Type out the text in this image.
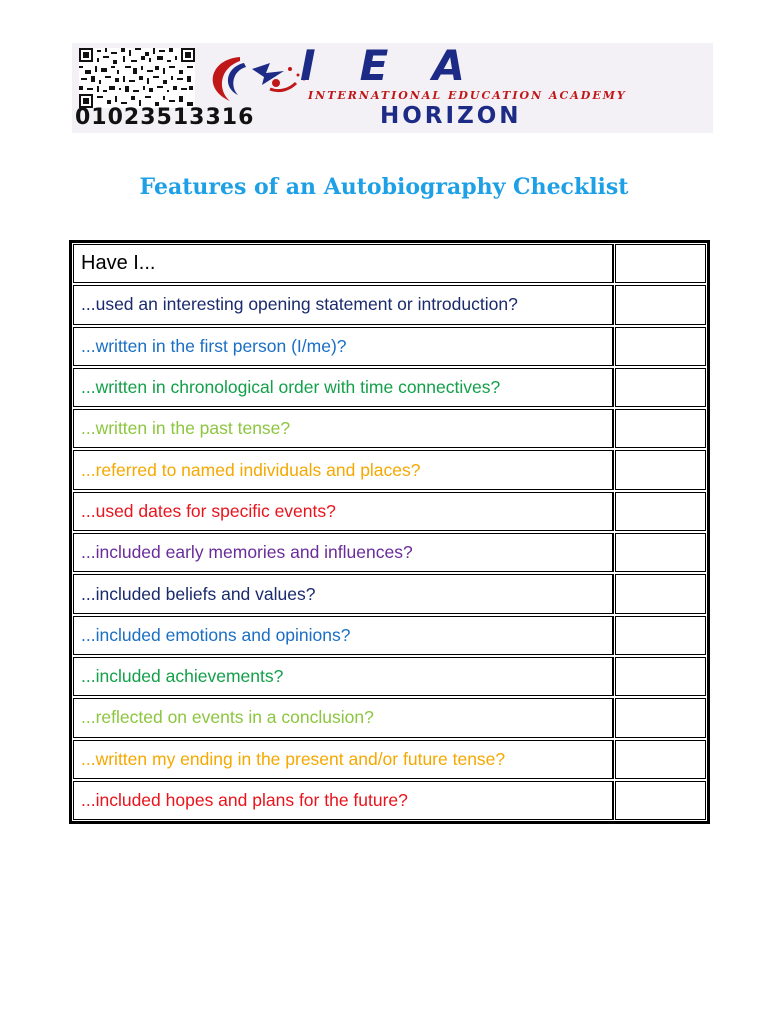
01023513316
IEA
INTERNATIONAL EDUCATION ACADEMY
HORIZON
Features of an Autobiography Checklist
Have I...
...used an interesting opening statement or introduction?
...written in the first person (I/me)?
...written in chronological order with time connectives?
...written in the past tense?
...referred to named individuals and places?
...used dates for specific events?
...included early memories and influences?
...included beliefs and values?
...included emotions and opinions?
...included achievements?
...reflected on events in a conclusion?
...written my ending in the present and/or future tense?
...included hopes and plans for the future?
